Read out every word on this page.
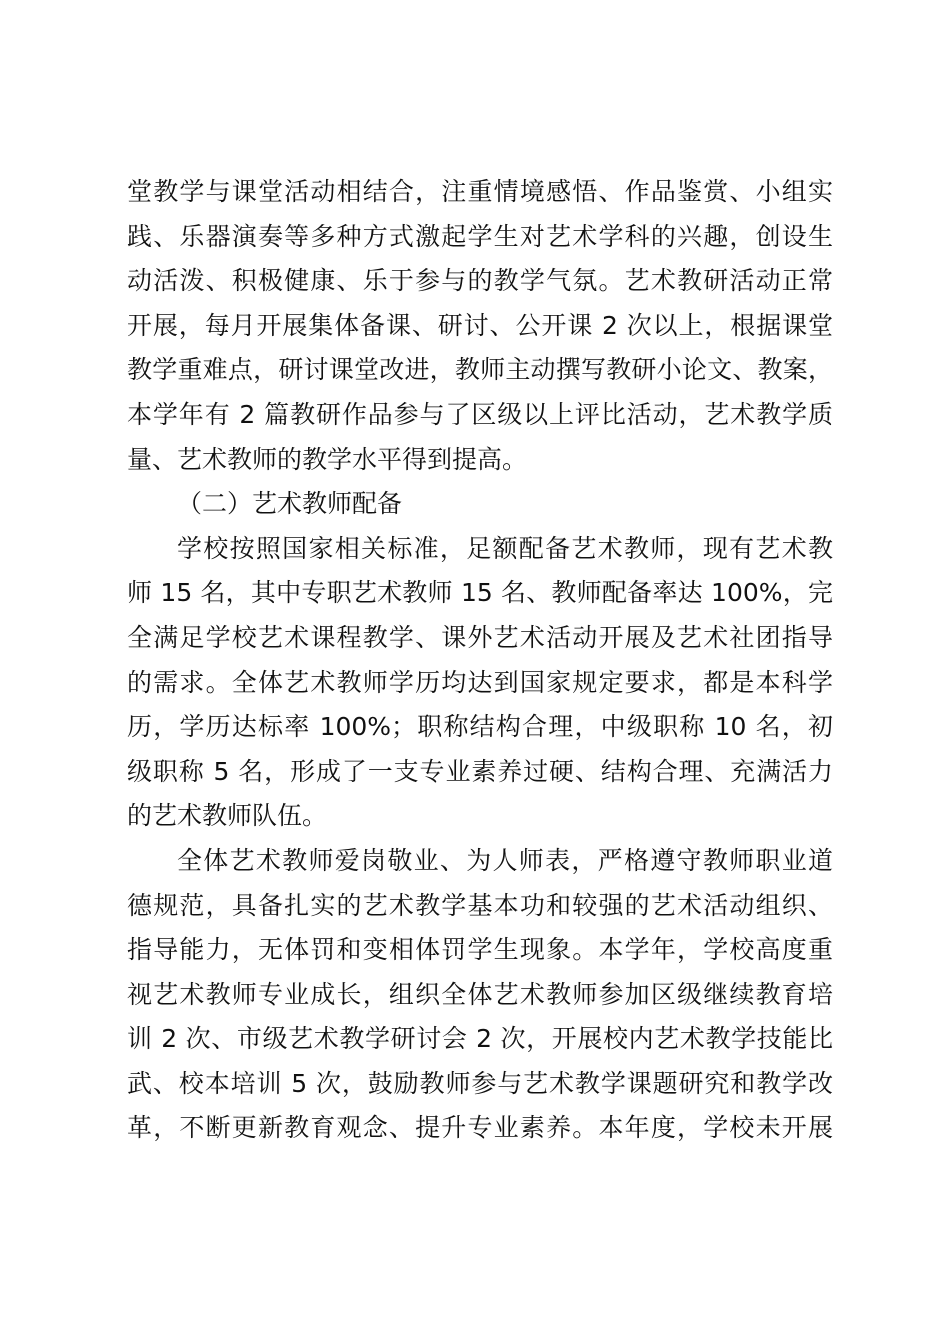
堂教学与课堂活动相结合，注重情境感悟、作品鉴赏、小组实
践、乐器演奏等多种方式激起学生对艺术学科的兴趣，创设生
动活泼、积极健康、乐于参与的教学气氛。艺术教研活动正常
开展，每月开展集体备课、研讨、公开课 2 次以上，根据课堂
教学重难点，研讨课堂改进，教师主动撰写教研小论文、教案，
本学年有 2 篇教研作品参与了区级以上评比活动，艺术教学质
量、艺术教师的教学水平得到提高。
（二）艺术教师配备
学校按照国家相关标准，足额配备艺术教师，现有艺术教
师 15 名，其中专职艺术教师 15 名、教师配备率达 100%，完
全满足学校艺术课程教学、课外艺术活动开展及艺术社团指导
的需求。全体艺术教师学历均达到国家规定要求，都是本科学
历，学历达标率 100%；职称结构合理，中级职称 10 名，初
级职称 5 名，形成了一支专业素养过硬、结构合理、充满活力
的艺术教师队伍。
全体艺术教师爱岗敬业、为人师表，严格遵守教师职业道
德规范，具备扎实的艺术教学基本功和较强的艺术活动组织、
指导能力，无体罚和变相体罚学生现象。本学年，学校高度重
视艺术教师专业成长，组织全体艺术教师参加区级继续教育培
训 2 次、市级艺术教学研讨会 2 次，开展校内艺术教学技能比
武、校本培训 5 次，鼓励教师参与艺术教学课题研究和教学改
革，不断更新教育观念、提升专业素养。本年度，学校未开展
